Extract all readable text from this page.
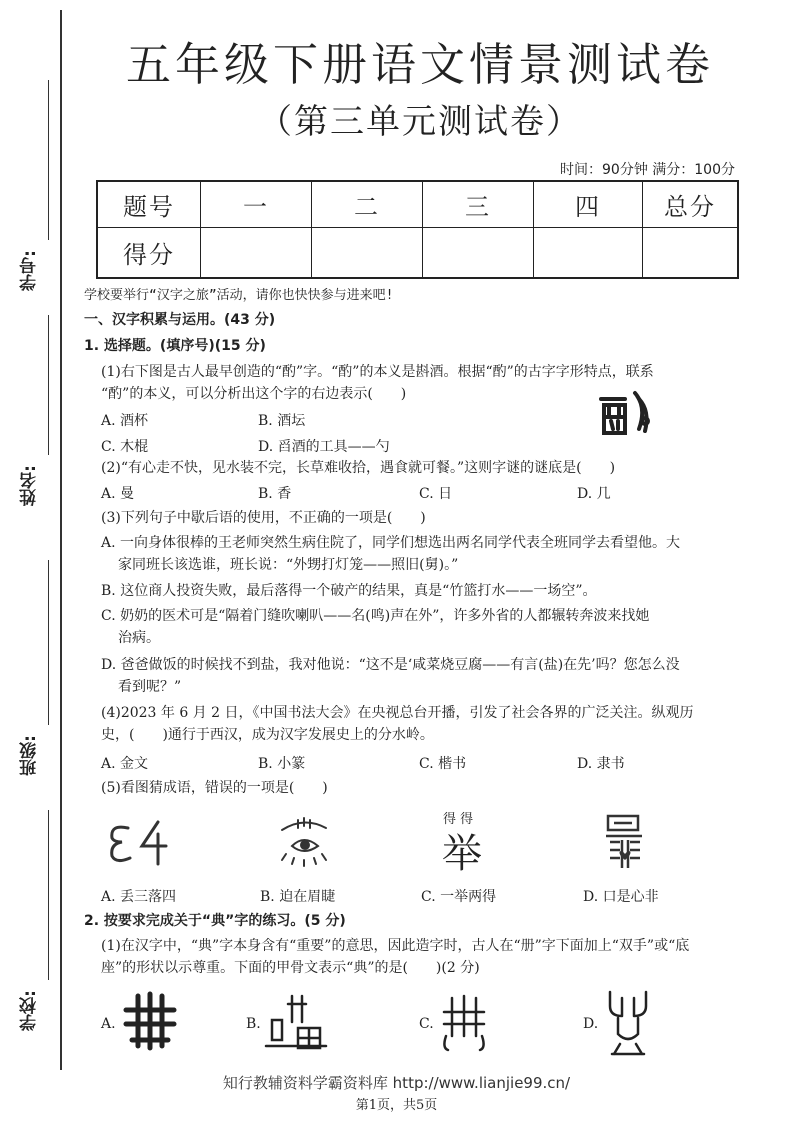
学号:
姓名:
班级:
学校:
五年级下册语文情景测试卷
（第三单元测试卷）
时间：90分钟 满分：100分
题号	一	二	三	四	总分
得分					
学校要举行“汉字之旅”活动，请你也快快参与进来吧!
一、汉字积累与运用。(43 分)
1. 选择题。(填序号)(15 分)
(1)右下图是古人最早创造的“酌”字。“酌”的本义是斟酒。根据“酌”的古字字形特点，联系
“酌”的本义，可以分析出这个字的右边表示(　　)
A. 酒杯	B. 酒坛
C. 木棍	D. 舀酒的工具——勺
(2)“有心走不快，见水装不完，长草难收拾，遇食就可餐。”这则字谜的谜底是(　　)
A. 曼	B. 香	C. 日	D. 几
(3)下列句子中歇后语的使用，不正确的一项是(　　)
A. 一向身体很棒的王老师突然生病住院了，同学们想选出两名同学代表全班同学去看望他。大
家同班长该选谁，班长说：“外甥打灯笼——照旧(舅)。”
B. 这位商人投资失败，最后落得一个破产的结果，真是“竹篮打水——一场空”。
C. 奶奶的医术可是“隔着门缝吹喇叭——名(鸣)声在外”，许多外省的人都辗转奔波来找她
治病。
D. 爸爸做饭的时候找不到盐，我对他说：“这不是‘咸菜烧豆腐——有言(盐)在先’吗？您怎么没
看到呢？”
(4)2023 年 6 月 2 日，《中国书法大会》在央视总台开播，引发了社会各界的广泛关注。纵观历
史，(　　)通行于西汉，成为汉字发展史上的分水岭。
A. 金文	B. 小篆	C. 楷书	D. 隶书
(5)看图猜成语，错误的一项是(　　)
得 得
举
A. 丢三落四	B. 迫在眉睫	C. 一举两得	D. 口是心非
2. 按要求完成关于“典”字的练习。(5 分)
(1)在汉字中，“典”字本身含有“重要”的意思，因此造字时，古人在“册”字下面加上“双手”或“底
座”的形状以示尊重。下面的甲骨文表示“典”的是(　　)(2 分)
A.	B.	C.	D.
知行教辅资料学霸资料库 http://www.lianjie99.cn/
第1页，共5页
